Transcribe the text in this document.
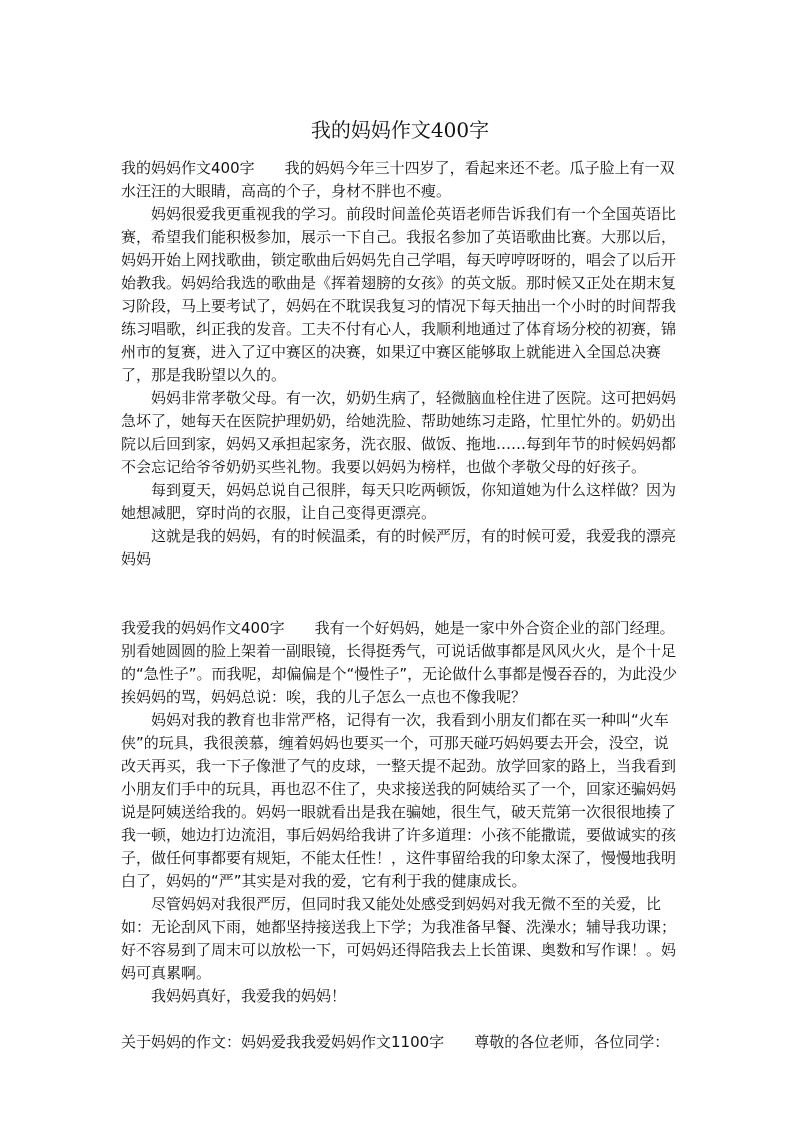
我的妈妈作文400字

我的妈妈作文400字 我的妈妈今年三十四岁了，看起来还不老。瓜子脸上有一双水汪汪的大眼睛，高高的个子，身材不胖也不瘦。

妈妈很爱我更重视我的学习。前段时间盖伦英语老师告诉我们有一个全国英语比赛，希望我们能积极参加，展示一下自己。我报名参加了英语歌曲比赛。大那以后，妈妈开始上网找歌曲，锁定歌曲后妈妈先自己学唱，每天哼哼呀呀的，唱会了以后开始教我。妈妈给我选的歌曲是《挥着翅膀的女孩》的英文版。那时候又正处在期末复习阶段，马上要考试了，妈妈在不耽误我复习的情况下每天抽出一个小时的时间帮我练习唱歌，纠正我的发音。工夫不付有心人，我顺利地通过了体育场分校的初赛，锦州市的复赛，进入了辽中赛区的决赛，如果辽中赛区能够取上就能进入全国总决赛了，那是我盼望以久的。

妈妈非常孝敬父母。有一次，奶奶生病了，轻微脑血栓住进了医院。这可把妈妈急坏了，她每天在医院护理奶奶，给她洗脸、帮助她练习走路，忙里忙外的。奶奶出院以后回到家，妈妈又承担起家务，洗衣服、做饭、拖地……每到年节的时候妈妈都不会忘记给爷爷奶奶买些礼物。我要以妈妈为榜样，也做个孝敬父母的好孩子。

每到夏天，妈妈总说自己很胖，每天只吃两顿饭，你知道她为什么这样做？因为她想减肥，穿时尚的衣服，让自己变得更漂亮。

这就是我的妈妈，有的时候温柔，有的时候严厉，有的时候可爱，我爱我的漂亮妈妈

我爱我的妈妈作文400字 我有一个好妈妈，她是一家中外合资企业的部门经理。别看她圆圆的脸上架着一副眼镜，长得挺秀气，可说话做事都是风风火火，是个十足的“急性子”。而我呢，却偏偏是个“慢性子”，无论做什么事都是慢吞吞的，为此没少挨妈妈的骂，妈妈总说：唉，我的儿子怎么一点也不像我呢？

妈妈对我的教育也非常严格，记得有一次，我看到小朋友们都在买一种叫“火车侠”的玩具，我很羡慕，缠着妈妈也要买一个，可那天碰巧妈妈要去开会，没空，说改天再买，我一下子像泄了气的皮球，一整天提不起劲。放学回家的路上，当我看到小朋友们手中的玩具，再也忍不住了，央求接送我的阿姨给买了一个，回家还骗妈妈说是阿姨送给我的。妈妈一眼就看出是我在骗她，很生气，破天荒第一次很很地揍了我一顿，她边打边流泪，事后妈妈给我讲了许多道理：小孩不能撒谎，要做诚实的孩子，做任何事都要有规矩，不能太任性！，这件事留给我的印象太深了，慢慢地我明白了，妈妈的“严”其实是对我的爱，它有利于我的健康成长。

尽管妈妈对我很严厉，但同时我又能处处感受到妈妈对我无微不至的关爱，比如：无论刮风下雨，她都坚持接送我上下学；为我准备早餐、洗澡水；辅导我功课；好不容易到了周末可以放松一下，可妈妈还得陪我去上长笛课、奥数和写作课！。妈妈可真累啊。

我妈妈真好，我爱我的妈妈！

关于妈妈的作文：妈妈爱我我爱妈妈作文1100字 尊敬的各位老师，各位同学：
